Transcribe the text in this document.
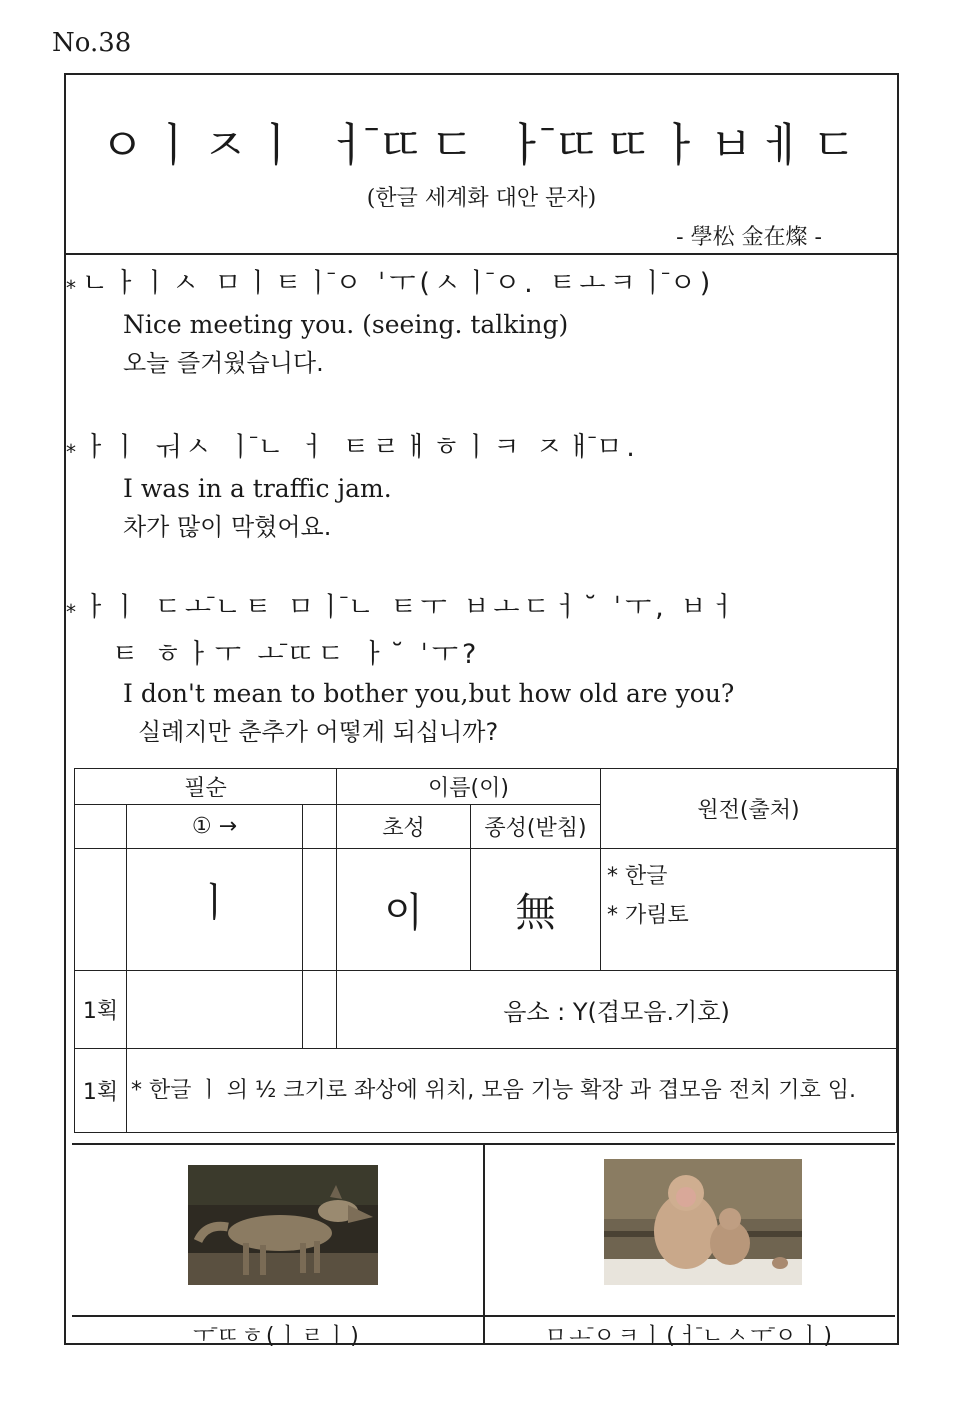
No.38
ㅇㅣㅈㅣ ㅓ̄ㄸㄷ ㅏ̄ㄸㄸㅏㅂㅔㄷ
(한글 세계화 대안 문자)
- 學松 金在燦 -
* ㄴㅏㅣㅅ ㅁㅣㅌㅣ̄ㅇ ˈㅜ(ㅅㅣ̄ㅇ. ㅌㅗㅋㅣ̄ㅇ)
Nice meeting you. (seeing. talking)
오늘 즐거웠습니다.
* ㅏㅣ ㅝㅅ ㅣ̄ㄴ ㅓ ㅌㄹㅐㅎㅣㅋ ㅈㅐ̄ㅁ.
I was in a traffic jam.
차가 많이 막혔어요.
* ㅏㅣ ㄷㅗ̄ㄴㅌ ㅁㅣ̄ㄴ ㅌㅜ ㅂㅗㄷㅓ˘ ˈㅜ, ㅂㅓ
ㅌ ㅎㅏㅜ ㅗ̄ㄸㄷ ㅏ˘ ˈㅜ?
I don't mean to bother you,but how old are you?
실례지만 춘추가 어떻게 되십니까?
필순			이름(이)		원전(출처)
	① →		초성	종성(받침)	
	ㅣ		이	無	* 한글
* 가림토

1획			음소 : Y(겹모음.기호)		
1획	* 한글 ㅣ 의 ½ 크기로 좌상에 위치, 모음 기능 확장 과 겹모음 전치 기호 임.				
ㅜ̄ㄸㅎ(ㅣㄹㅣ)	ㅁㅗ̄ㅇㅋㅣ(ㅓ̄ㄴㅅㅜ̄ㅇㅣ)
